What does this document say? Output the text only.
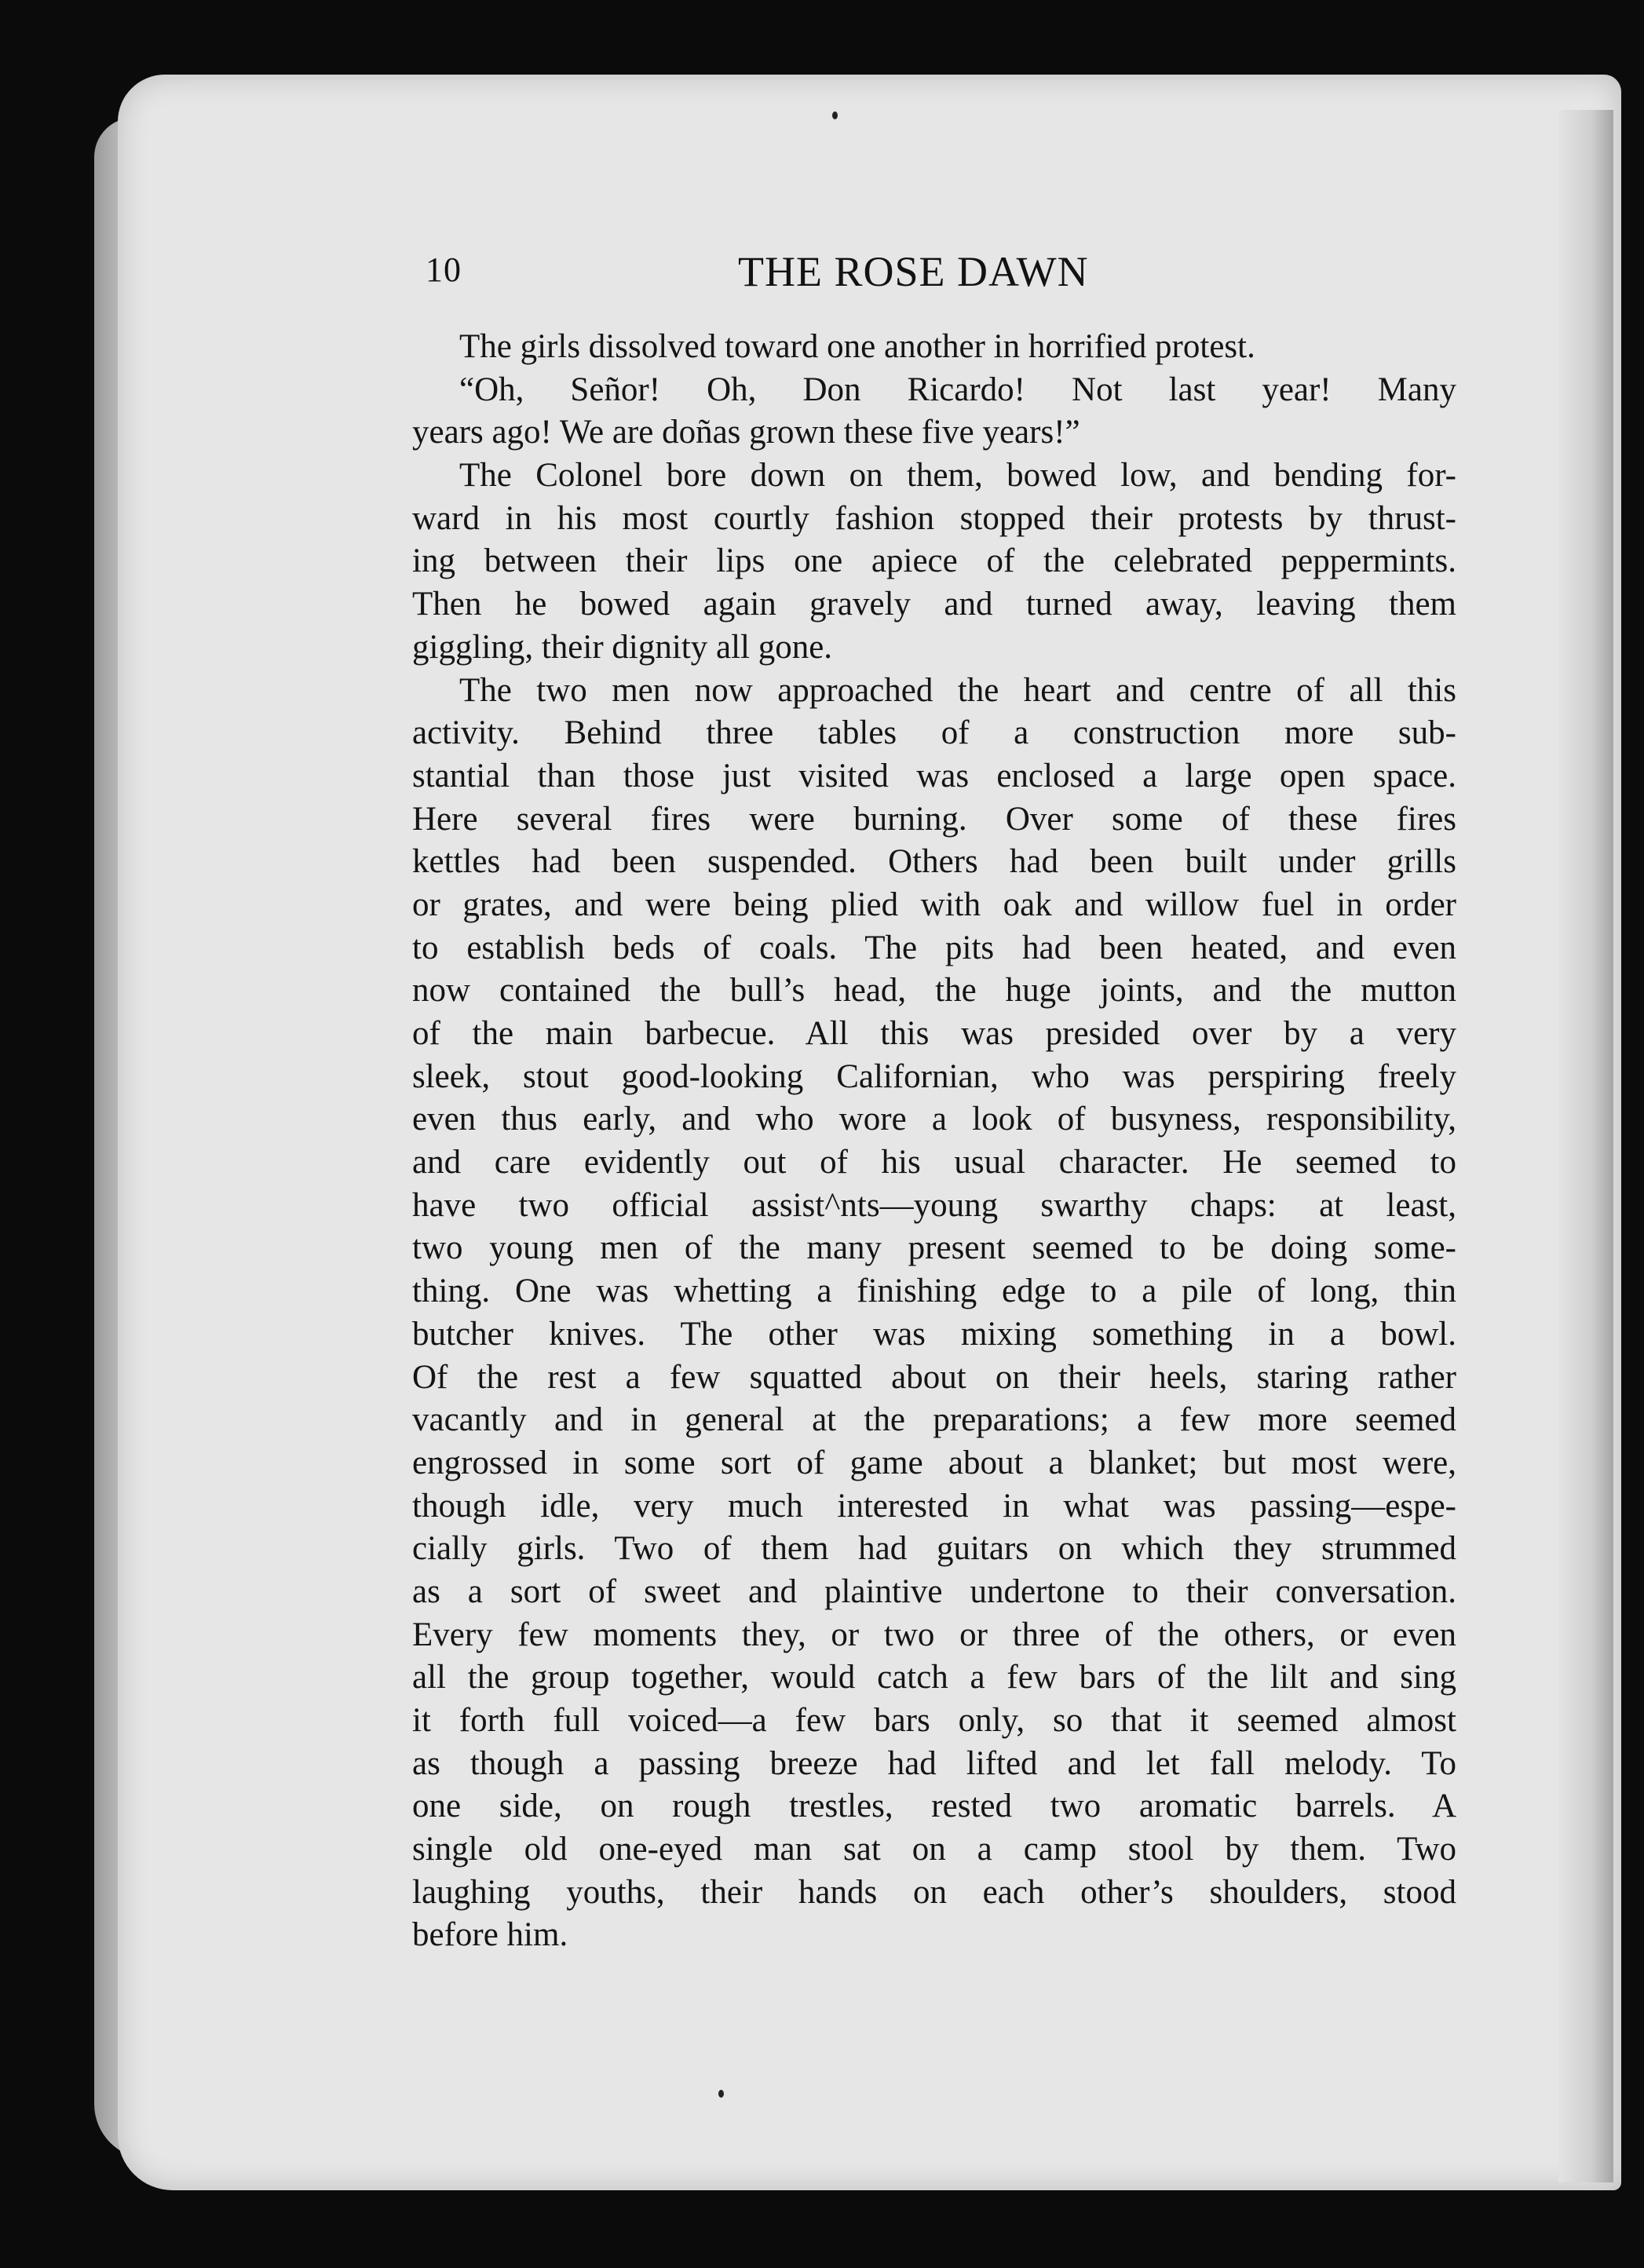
10	THE ROSE DAWN
The girls dissolved toward one another in horrified protest.
“Oh, Señor! Oh, Don Ricardo! Not last year! Many
years ago! We are doñas grown these five years!”
The Colonel bore down on them, bowed low, and bending for-
ward in his most courtly fashion stopped their protests by thrust-
ing between their lips one apiece of the celebrated peppermints.
Then he bowed again gravely and turned away, leaving them
giggling, their dignity all gone.
The two men now approached the heart and centre of all this
activity. Behind three tables of a construction more sub-
stantial than those just visited was enclosed a large open space.
Here several fires were burning. Over some of these fires
kettles had been suspended. Others had been built under grills
or grates, and were being plied with oak and willow fuel in order
to establish beds of coals. The pits had been heated, and even
now contained the bull’s head, the huge joints, and the mutton
of the main barbecue. All this was presided over by a very
sleek, stout good-looking Californian, who was perspiring freely
even thus early, and who wore a look of busyness, responsibility,
and care evidently out of his usual character. He seemed to
have two official assist^nts—young swarthy chaps: at least,
two young men of the many present seemed to be doing some-
thing. One was whetting a finishing edge to a pile of long, thin
butcher knives. The other was mixing something in a bowl.
Of the rest a few squatted about on their heels, staring rather
vacantly and in general at the preparations; a few more seemed
engrossed in some sort of game about a blanket; but most were,
though idle, very much interested in what was passing—espe-
cially girls. Two of them had guitars on which they strummed
as a sort of sweet and plaintive undertone to their conversation.
Every few moments they, or two or three of the others, or even
all the group together, would catch a few bars of the lilt and sing
it forth full voiced—a few bars only, so that it seemed almost
as though a passing breeze had lifted and let fall melody. To
one side, on rough trestles, rested two aromatic barrels. A
single old one-eyed man sat on a camp stool by them. Two
laughing youths, their hands on each other’s shoulders, stood
before him.
